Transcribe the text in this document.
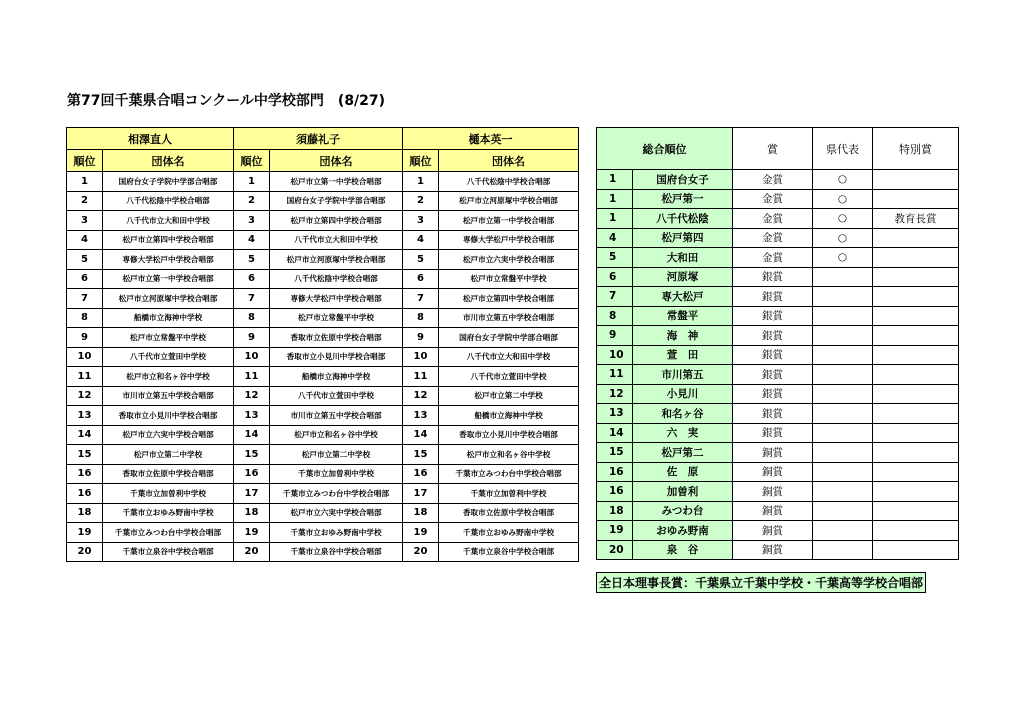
第77回千葉県合唱コンクール中学校部門　(8/27)
相澤直人		須藤礼子		樋本英一	
順位	団体名	順位	団体名	順位	団体名
1	国府台女子学院中学部合唱部	1	松戸市立第一中学校合唱部	1	八千代松陰中学校合唱部
2	八千代松陰中学校合唱部	2	国府台女子学院中学部合唱部	2	松戸市立河原塚中学校合唱部
3	八千代市立大和田中学校	3	松戸市立第四中学校合唱部	3	松戸市立第一中学校合唱部
4	松戸市立第四中学校合唱部	4	八千代市立大和田中学校	4	専修大学松戸中学校合唱部
5	専修大学松戸中学校合唱部	5	松戸市立河原塚中学校合唱部	5	松戸市立六実中学校合唱部
6	松戸市立第一中学校合唱部	6	八千代松陰中学校合唱部	6	松戸市立常盤平中学校
7	松戸市立河原塚中学校合唱部	7	専修大学松戸中学校合唱部	7	松戸市立第四中学校合唱部
8	船橋市立海神中学校	8	松戸市立常盤平中学校	8	市川市立第五中学校合唱部
9	松戸市立常盤平中学校	9	香取市立佐原中学校合唱部	9	国府台女子学院中学部合唱部
10	八千代市立萱田中学校	10	香取市立小見川中学校合唱部	10	八千代市立大和田中学校
11	松戸市立和名ヶ谷中学校	11	船橋市立海神中学校	11	八千代市立萱田中学校
12	市川市立第五中学校合唱部	12	八千代市立萱田中学校	12	松戸市立第二中学校
13	香取市立小見川中学校合唱部	13	市川市立第五中学校合唱部	13	船橋市立海神中学校
14	松戸市立六実中学校合唱部	14	松戸市立和名ヶ谷中学校	14	香取市立小見川中学校合唱部
15	松戸市立第二中学校	15	松戸市立第二中学校	15	松戸市立和名ヶ谷中学校
16	香取市立佐原中学校合唱部	16	千葉市立加曽利中学校	16	千葉市立みつわ台中学校合唱部
16	千葉市立加曽利中学校	17	千葉市立みつわ台中学校合唱部	17	千葉市立加曽利中学校
18	千葉市立おゆみ野南中学校	18	松戸市立六実中学校合唱部	18	香取市立佐原中学校合唱部
19	千葉市立みつわ台中学校合唱部	19	千葉市立おゆみ野南中学校	19	千葉市立おゆみ野南中学校
20	千葉市立泉谷中学校合唱部	20	千葉市立泉谷中学校合唱部	20	千葉市立泉谷中学校合唱部
総合順位		賞	県代表	特別賞

1	国府台女子	金賞	○	
1	松戸第一	金賞	○	
1	八千代松陰	金賞	○	教育長賞
4	松戸第四	金賞	○	
5	大和田	金賞	○	
6	河原塚	銀賞		
7	専大松戸	銀賞		
8	常盤平	銀賞		
9	海　神	銀賞		
10	萱　田	銀賞		
11	市川第五	銀賞		
12	小見川	銀賞		
13	和名ヶ谷	銀賞		
14	六　実	銀賞		
15	松戸第二	銅賞		
16	佐　原	銅賞		
16	加曽利	銅賞		
18	みつわ台	銅賞		
19	おゆみ野南	銅賞		
20	泉　谷	銅賞		
全日本理事長賞：千葉県立千葉中学校・千葉高等学校合唱部
